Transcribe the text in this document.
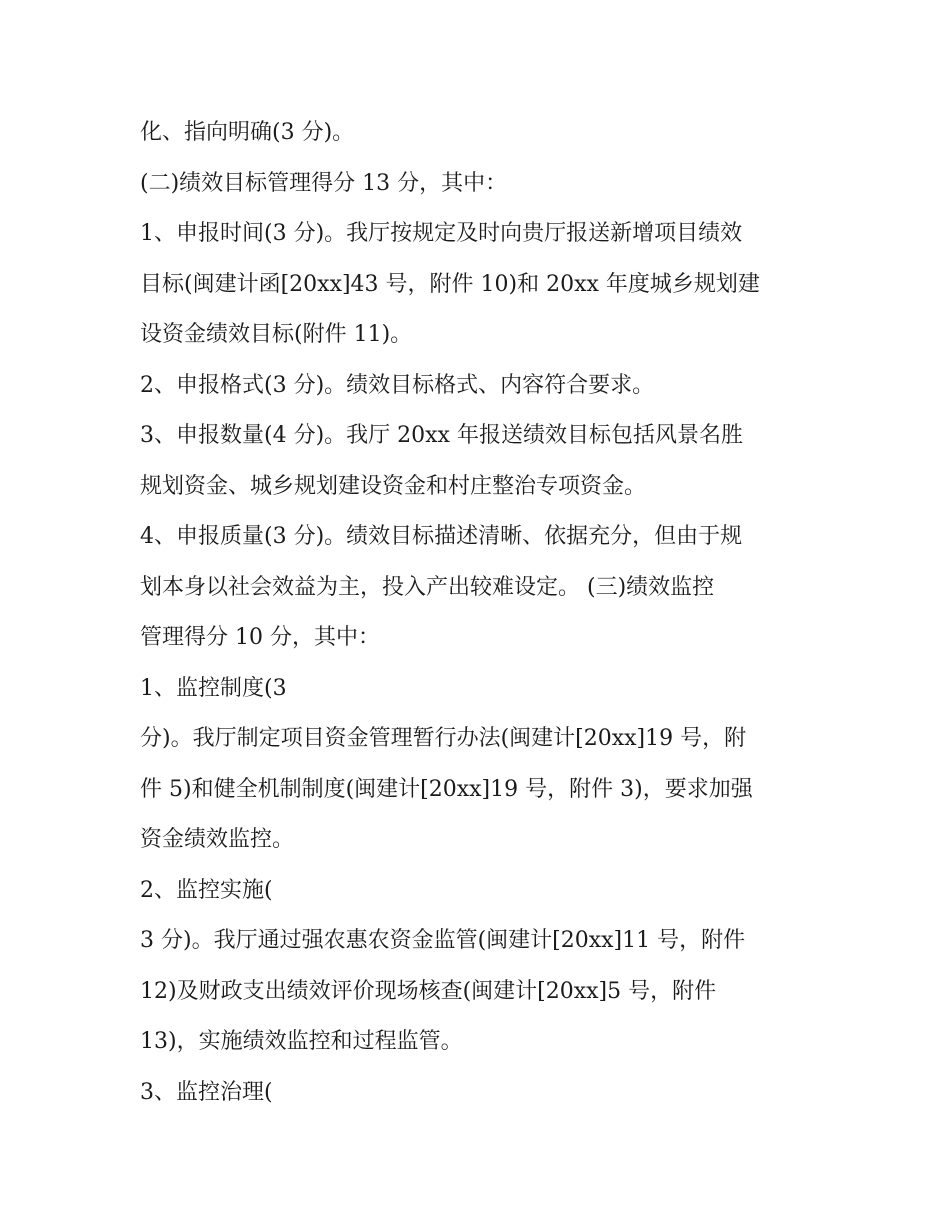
化、指向明确(3 分)。
(二)绩效目标管理得分 13 分，其中：
1、申报时间(3 分)。我厅按规定及时向贵厅报送新增项目绩效
目标(闽建计函[20xx]43 号，附件 10)和 20xx 年度城乡规划建
设资金绩效目标(附件 11)。
2、申报格式(3 分)。绩效目标格式、内容符合要求。
3、申报数量(4 分)。我厅 20xx 年报送绩效目标包括风景名胜
规划资金、城乡规划建设资金和村庄整治专项资金。
4、申报质量(3 分)。绩效目标描述清晰、依据充分，但由于规
划本身以社会效益为主，投入产出较难设定。 (三)绩效监控
管理得分 10 分，其中：
1、监控制度(3
分)。我厅制定项目资金管理暂行办法(闽建计[20xx]19 号，附
件 5)和健全机制制度(闽建计[20xx]19 号，附件 3)，要求加强
资金绩效监控。
2、监控实施(
3 分)。我厅通过强农惠农资金监管(闽建计[20xx]11 号，附件
12)及财政支出绩效评价现场核查(闽建计[20xx]5 号，附件
13)，实施绩效监控和过程监管。
3、监控治理(
